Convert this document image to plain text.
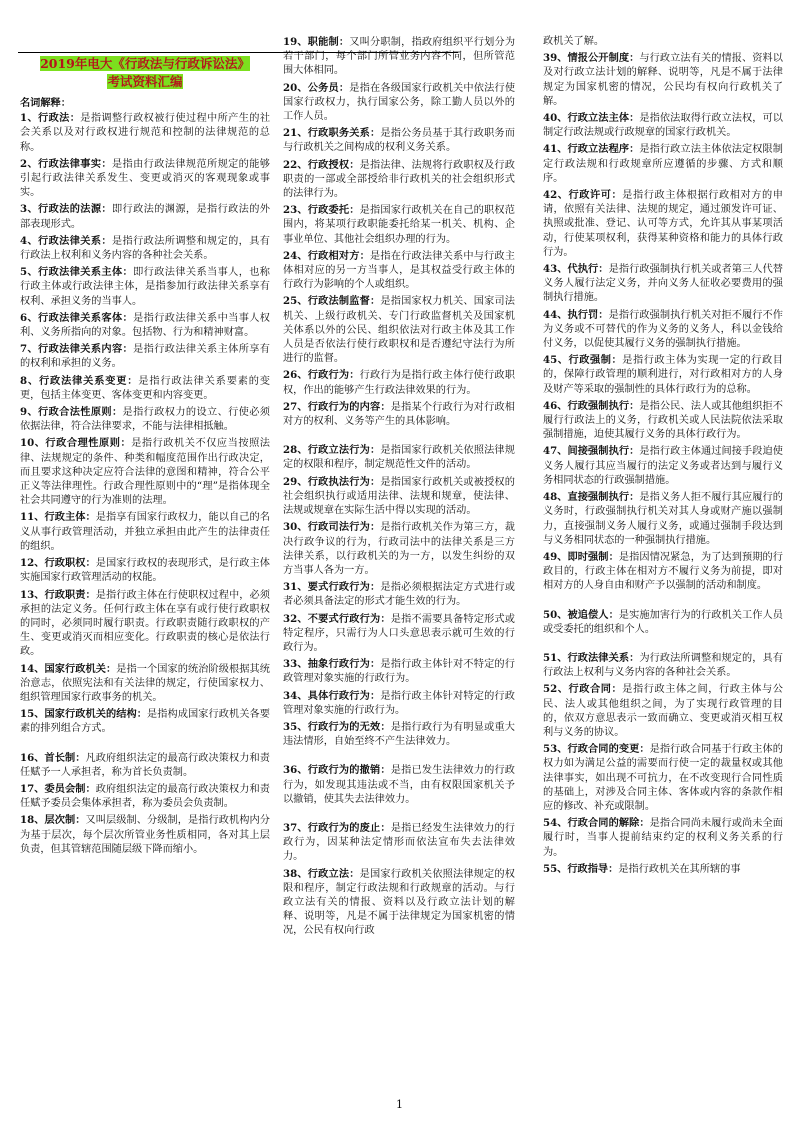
2019年电大《行政法与行政诉讼法》
考试资料汇编
名词解释：
1、行政法：是指调整行政权被行使过程中所产生的社会关系以及对行政权进行规范和控制的法律规范的总称。
2、行政法律事实：是指由行政法律规范所规定的能够引起行政法律关系发生、变更或消灭的客观现象或事实。
3、行政法的法源：即行政法的渊源，是指行政法的外部表现形式。
4、行政法律关系：是指行政法所调整和规定的，具有行政法上权利和义务内容的各种社会关系。
5、行政法律关系主体：即行政法律关系当事人，也称行政主体或行政法律主体，是指参加行政法律关系享有权利、承担义务的当事人。
6、行政法律关系客体：是指行政法律关系中当事人权利、义务所指向的对象。包括物、行为和精神财富。
7、行政法律关系内容：是指行政法律关系主体所享有的权利和承担的义务。
8、行政法律关系变更：是指行政法律关系要素的变更，包括主体变更、客体变更和内容变更。
9、行政合法性原则：是指行政权力的设立、行使必须依据法律，符合法律要求，不能与法律相抵触。
10、行政合理性原则：是指行政机关不仅应当按照法律、法规规定的条件、种类和幅度范围作出行政决定，而且要求这种决定应符合法律的意图和精神，符合公平正义等法律理性。行政合理性原则中的“理”是指体现全社会共同遵守的行为准则的法理。
11、行政主体：是指享有国家行政权力，能以自己的名义从事行政管理活动，并独立承担由此产生的法律责任的组织。
12、行政职权：是国家行政权的表现形式，是行政主体实施国家行政管理活动的权能。
13、行政职责：是指行政主体在行使职权过程中，必须承担的法定义务。任何行政主体在享有或行使行政职权的同时，必须同时履行职责。行政职责随行政职权的产生、变更或消灭而相应变化。行政职责的核心是依法行政。
14、国家行政机关：是指一个国家的统治阶级根据其统治意志，依照宪法和有关法律的规定，行使国家权力、组织管理国家行政事务的机关。
15、国家行政机关的结构：是指构成国家行政机关各要素的排列组合方式。
16、首长制：凡政府组织法定的最高行政决策权力和责任赋予一人承担者，称为首长负责制。
17、委员会制：政府组织法定的最高行政决策权力和责任赋予委员会集体承担者，称为委员会负责制。
18、层次制：又叫层级制、分级制，是指行政机构内分为基于层次，每个层次所管业务性质相同，各对其上层负责，但其管辖范围随层级下降而缩小。
19、职能制：又叫分职制，指政府组织平行划分为若干部门，每个部门所管业务内容不同，但所管范围大体相同。
20、公务员：是指在各级国家行政机关中依法行使国家行政权力，执行国家公务，除工勤人员以外的工作人员。
21、行政职务关系：是指公务员基于其行政职务而与行政机关之间构成的权利义务关系。
22、行政授权：是指法律、法规将行政职权及行政职责的一部或全部授给非行政机关的社会组织形式的法律行为。
23、行政委托：是指国家行政机关在自己的职权范围内，将某项行政职能委托给某一机关、机构、企事业单位、其他社会组织办理的行为。
24、行政相对方：是指在行政法律关系中与行政主体相对应的另一方当事人，是其权益受行政主体的行政行为影响的个人或组织。
25、行政法制监督：是指国家权力机关、国家司法机关、上级行政机关、专门行政监督机关及国家机关体系以外的公民、组织依法对行政主体及其工作人员是否依法行使行政职权和是否遵纪守法行为所进行的监督。
26、行政行为：行政行为是指行政主体行使行政职权，作出的能够产生行政法律效果的行为。
27、行政行为的内容：是指某个行政行为对行政相对方的权利、义务等产生的具体影响。
28、行政立法行为：是指国家行政机关依照法律规定的权限和程序，制定规范性文件的活动。
29、行政执法行为：是指国家行政机关或被授权的社会组织执行或适用法律、法规和规章，使法律、法规或规章在实际生活中得以实现的活动。
30、行政司法行为：是指行政机关作为第三方，裁决行政争议的行为，行政司法中的法律关系是三方法律关系，以行政机关的为一方，以发生纠纷的双方当事人各为一方。
31、要式行政行为：是指必须根据法定方式进行或者必须具备法定的形式才能生效的行为。
32、不要式行政行为：是指不需要具备特定形式或特定程序，只需行为人口头意思表示就可生效的行政行为。
33、抽象行政行为：是指行政主体针对不特定的行政管理对象实施的行政行为。
34、具体行政行为：是指行政主体针对特定的行政管理对象实施的行政行为。
35、行政行为的无效：是指行政行为有明显或重大违法情形，自始至终不产生法律效力。
36、行政行为的撤销：是指已发生法律效力的行政行为，如发现其违法或不当，由有权限国家机关予以撤销，使其失去法律效力。
37、行政行为的废止：是指已经发生法律效力的行政行为，因某种法定情形而依法宣布失去法律效力。
38、行政立法：是国家行政机关依照法律规定的权限和程序，制定行政法规和行政规章的活动。与行政立法有关的情报、资料以及行政立法计划的解释、说明等，凡是不属于法律规定为国家机密的情况，公民有权向行政
政机关了解。
39、情报公开制度：与行政立法有关的情报、资料以及对行政立法计划的解释、说明等，凡是不属于法律规定为国家机密的情况，公民均有权向行政机关了解。
40、行政立法主体：是指依法取得行政立法权，可以制定行政法规或行政规章的国家行政机关。
41、行政立法程序：是指行政立法主体依法定权限制定行政法规和行政规章所应遵循的步骤、方式和顺序。
42、行政许可：是指行政主体根据行政相对方的申请，依照有关法律、法规的规定，通过颁发许可证、执照或批准、登记、认可等方式，允许其从事某项活动，行使某项权利，获得某种资格和能力的具体行政行为。
43、代执行：是指行政强制执行机关或者第三人代替义务人履行法定义务，并向义务人征收必要费用的强制执行措施。
44、执行罚：是指行政强制执行机关对拒不履行不作为义务或不可替代的作为义务的义务人，科以金钱给付义务，以促使其履行义务的强制执行措施。
45、行政强制：是指行政主体为实现一定的行政目的，保障行政管理的顺利进行，对行政相对方的人身及财产等采取的强制性的具体行政行为的总称。
46、行政强制执行：是指公民、法人或其他组织拒不履行行政法上的义务，行政机关或人民法院依法采取强制措施，迫使其履行义务的具体行政行为。
47、间接强制执行：是指行政主体通过间接手段迫使义务人履行其应当履行的法定义务或者达到与履行义务相同状态的行政强制措施。
48、直接强制执行：是指义务人拒不履行其应履行的义务时，行政强制执行机关对其人身或财产施以强制力，直接强制义务人履行义务，或通过强制手段达到与义务相同状态的一种强制执行措施。
49、即时强制：是指因情况紧急，为了达到预期的行政目的，行政主体在相对方不履行义务为前提，即对相对方的人身自由和财产予以强制的活动和制度。
50、被追偿人：是实施加害行为的行政机关工作人员或受委托的组织和个人。
51、行政法律关系：为行政法所调整和规定的，具有行政法上权利与义务内容的各种社会关系。
52、行政合同：是指行政主体之间，行政主体与公民、法人或其他组织之间，为了实现行政管理的目的，依双方意思表示一致而确立、变更或消灭相互权利与义务的协议。
53、行政合同的变更：是指行政合同基于行政主体的权力如为满足公益的需要而行使一定的裁量权或其他法律事实，如出现不可抗力，在不改变现行合同性质的基础上，对涉及合同主体、客体或内容的条款作相应的修改、补充或限制。
54、行政合同的解除：是指合同尚未履行或尚未全面履行时，当事人提前结束约定的权利义务关系的行为。
55、行政指导：是指行政机关在其所辖的事
1
